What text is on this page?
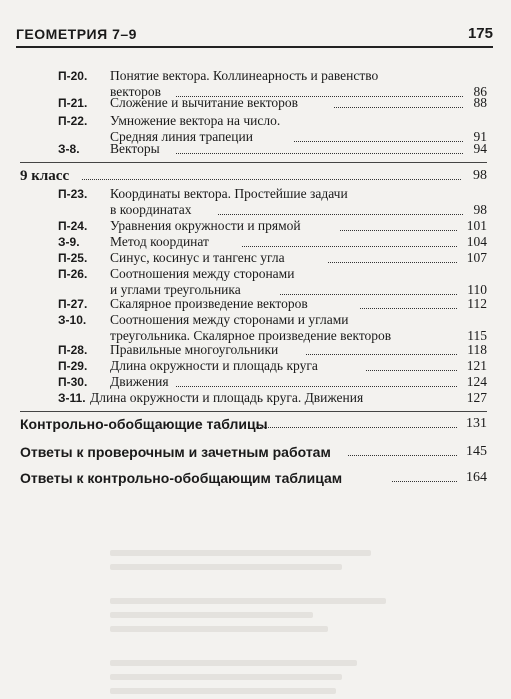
ГЕОМЕТРИЯ 7–9	175
П-20. Понятие вектора. Коллинеарность и равенство
векторов	86
П-21. Сложение и вычитание векторов	88
П-22. Умножение вектора на число.
Средняя линия трапеции	91
З-8. Векторы	94
9 класс	98
П-23. Координаты вектора. Простейшие задачи
в координатах	98
П-24. Уравнения окружности и прямой	101
З-9. Метод координат	104
П-25. Синус, косинус и тангенс угла	107
П-26. Соотношения между сторонами
и углами треугольника	110
П-27. Скалярное произведение векторов	112
З-10. Соотношения между сторонами и углами
треугольника. Скалярное произведение векторов	115
П-28. Правильные многоугольники	118
П-29. Длина окружности и площадь круга	121
П-30. Движения	124
З-11. Длина окружности и площадь круга. Движения	127
Контрольно-обобщающие таблицы	131
Ответы к проверочным и зачетным работам	145
Ответы к контрольно-обобщающим таблицам	164
